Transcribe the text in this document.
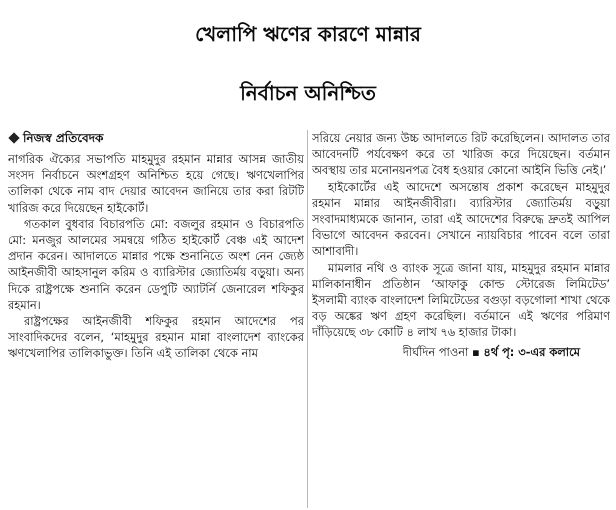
খেলাপি ঋণের কারণে মান্নার
নির্বাচন অনিশ্চিত
নিজস্ব প্রতিবেদক

নাগরিক ঐক্যের সভাপতি মাহমুদুর রহমান মান্নার আসন্ন জাতীয় সংসদ নির্বাচনে অংশগ্রহণ অনিশ্চিত হয়ে গেছে। ঋণখেলাপির তালিকা থেকে নাম বাদ দেয়ার আবেদন জানিয়ে তার করা রিটটি খারিজ করে দিয়েছেন হাইকোর্ট।

গতকাল বুধবার বিচারপতি মো: বজলুর রহমান ও বিচারপতি মো: মনজুর আলমের সমন্বয়ে গঠিত হাইকোর্ট বেঞ্চ এই আদেশ প্রদান করেন। আদালতে মান্নার পক্ষে শুনানিতে অংশ নেন জ্যেষ্ঠ আইনজীবী আহসানুল করিম ও ব্যারিস্টার জ্যোতির্ময় বড়ুয়া। অন্য দিকে রাষ্ট্রপক্ষে শুনানি করেন ডেপুটি অ্যাটর্নি জেনারেল শফিকুর রহমান।

রাষ্ট্রপক্ষের আইনজীবী শফিকুর রহমান আদেশের পর সাংবাদিকদের বলেন, ‘মাহমুদুর রহমান মান্না বাংলাদেশ ব্যাংকের ঋণখেলাপির তালিকাভুক্ত। তিনি এই তালিকা থেকে নাম

সরিয়ে নেয়ার জন্য উচ্চ আদালতে রিট করেছিলেন। আদালত তার আবেদনটি পর্যবেক্ষণ করে তা খারিজ করে দিয়েছেন। বর্তমান অবস্থায় তার মনোনয়নপত্র বৈধ হওয়ার কোনো আইনি ভিত্তি নেই।’

হাইকোর্টের এই আদেশে অসন্তোষ প্রকাশ করেছেন মাহমুদুর রহমান মান্নার আইনজীবীরা। ব্যারিস্টার জ্যোতির্ময় বড়ুয়া সংবাদমাধ্যমকে জানান, তারা এই আদেশের বিরুদ্ধে দ্রুতই আপিল বিভাগে আবেদন করবেন। সেখানে ন্যায়বিচার পাবেন বলে তারা আশাবাদী।

মামলার নথি ও ব্যাংক সূত্রে জানা যায়, মাহমুদুর রহমান মান্নার মালিকানাধীন প্রতিষ্ঠান ‘আফাকু কোল্ড স্টোরেজ লিমিটেড’ ইসলামী ব্যাংক বাংলাদেশ লিমিটেডের বগুড়া বড়গোলা শাখা থেকে বড় অঙ্কের ঋণ গ্রহণ করেছিল। বর্তমানে এই ঋণের পরিমাণ দাঁড়িয়েছে ৩৮ কোটি ৪ লাখ ৭৬ হাজার টাকা।

দীর্ঘদিন পাওনা ▪ ৪র্থ পৃ: ৩-এর কলামে
